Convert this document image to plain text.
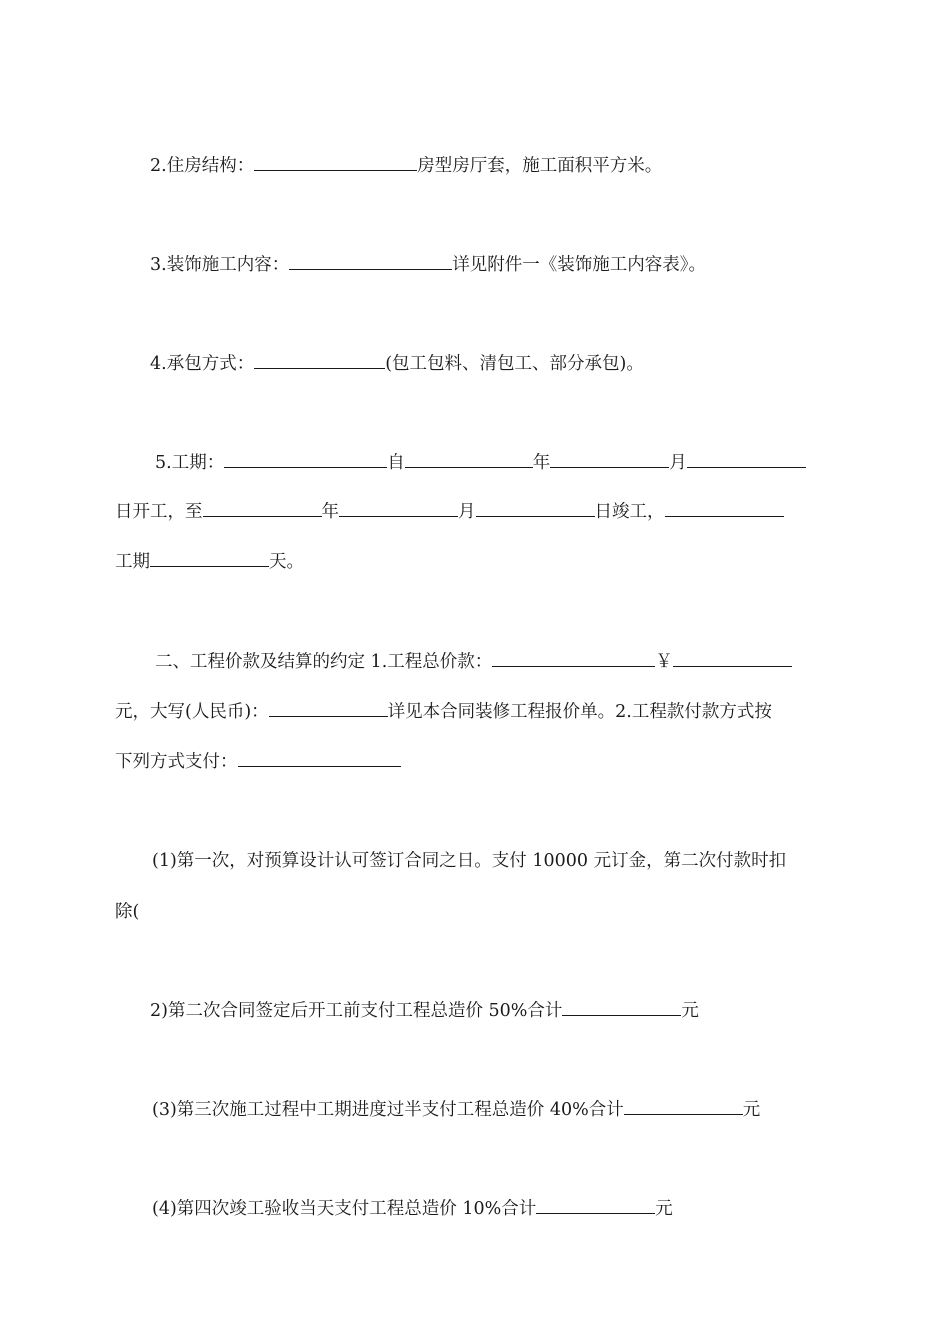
2.住房结构：	房型房厅套，施工面积平方米。
3.装饰施工内容：	详见附件一《装饰施工内容表》。
4.承包方式：	(包工包料、清包工、部分承包)。
5.工期：	自	年	月
日开工，至	年	月	日竣工，
工期	天。
二、工程价款及结算的约定 1.工程总价款：	￥
元，大写(人民币)：	详见本合同装修工程报价单。2.工程款付款方式按
下列方式支付：
(1)第一次，对预算设计认可签订合同之日。支付 10000 元订金，第二次付款时扣
除(
2)第二次合同签定后开工前支付工程总造价 50%合计	元
(3)第三次施工过程中工期进度过半支付工程总造价 40%合计	元
(4)第四次竣工验收当天支付工程总造价 10%合计	元
